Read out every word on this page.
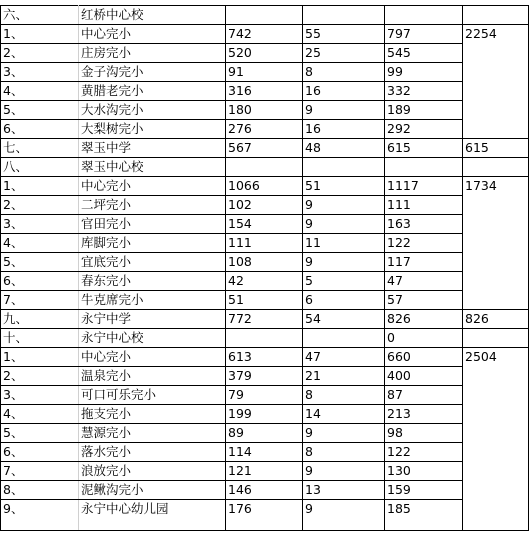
六、	红桥中心校				
1、	中心完小	742	55	797	2254
2、	庄房完小	520	25	545	
3、	金子沟完小	91	8	99	
4、	黄腊老完小	316	16	332	
5、	大水沟完小	180	9	189	
6、	大梨树完小	276	16	292	
七、	翠玉中学	567	48	615	615
八、	翠玉中心校				
1、	中心完小	1066	51	1117	1734
2、	二坪完小	102	9	111	
3、	官田完小	154	9	163	
4、	库脚完小	111	11	122	
5、	宜底完小	108	9	117	
6、	春东完小	42	5	47	
7、	牛克席完小	51	6	57	
九、	永宁中学	772	54	826	826
十、	永宁中心校			0	
1、	中心完小	613	47	660	2504
2、	温泉完小	379	21	400	
3、	可口可乐完小	79	8	87	
4、	拖支完小	199	14	213	
5、	慧源完小	89	9	98	
6、	落水完小	114	8	122	
7、	浪放完小	121	9	130	
8、	泥鳅沟完小	146	13	159	
9、	永宁中心幼儿园	176	9	185	
